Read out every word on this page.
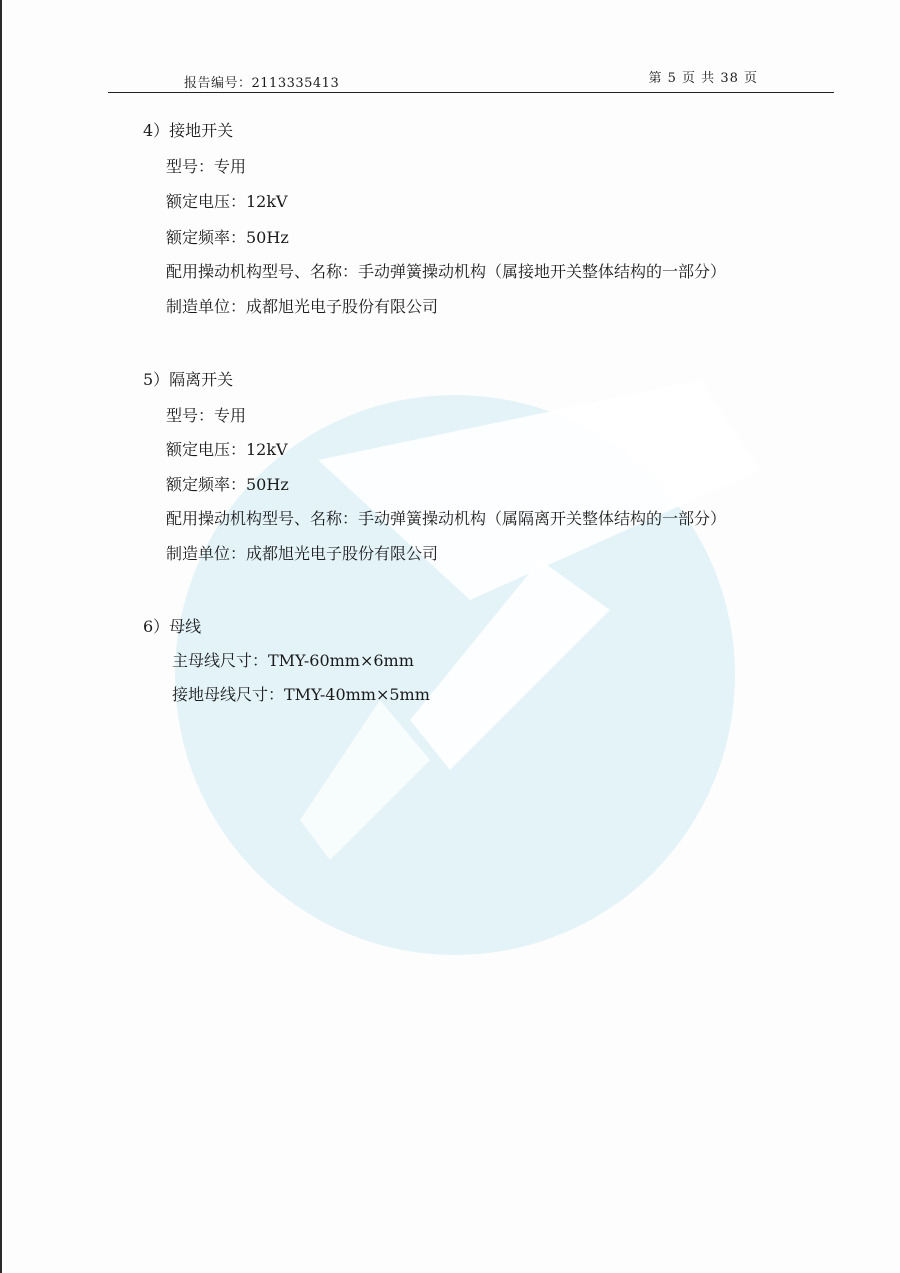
报告编号：2113335413	第 5 页 共 38 页
4）接地开关
型号：专用
额定电压：12kV
额定频率：50Hz
配用操动机构型号、名称：手动弹簧操动机构（属接地开关整体结构的一部分）
制造单位：成都旭光电子股份有限公司
5）隔离开关
型号：专用
额定电压：12kV
额定频率：50Hz
配用操动机构型号、名称：手动弹簧操动机构（属隔离开关整体结构的一部分）
制造单位：成都旭光电子股份有限公司
6）母线
主母线尺寸：TMY-60mm×6mm
接地母线尺寸：TMY-40mm×5mm
